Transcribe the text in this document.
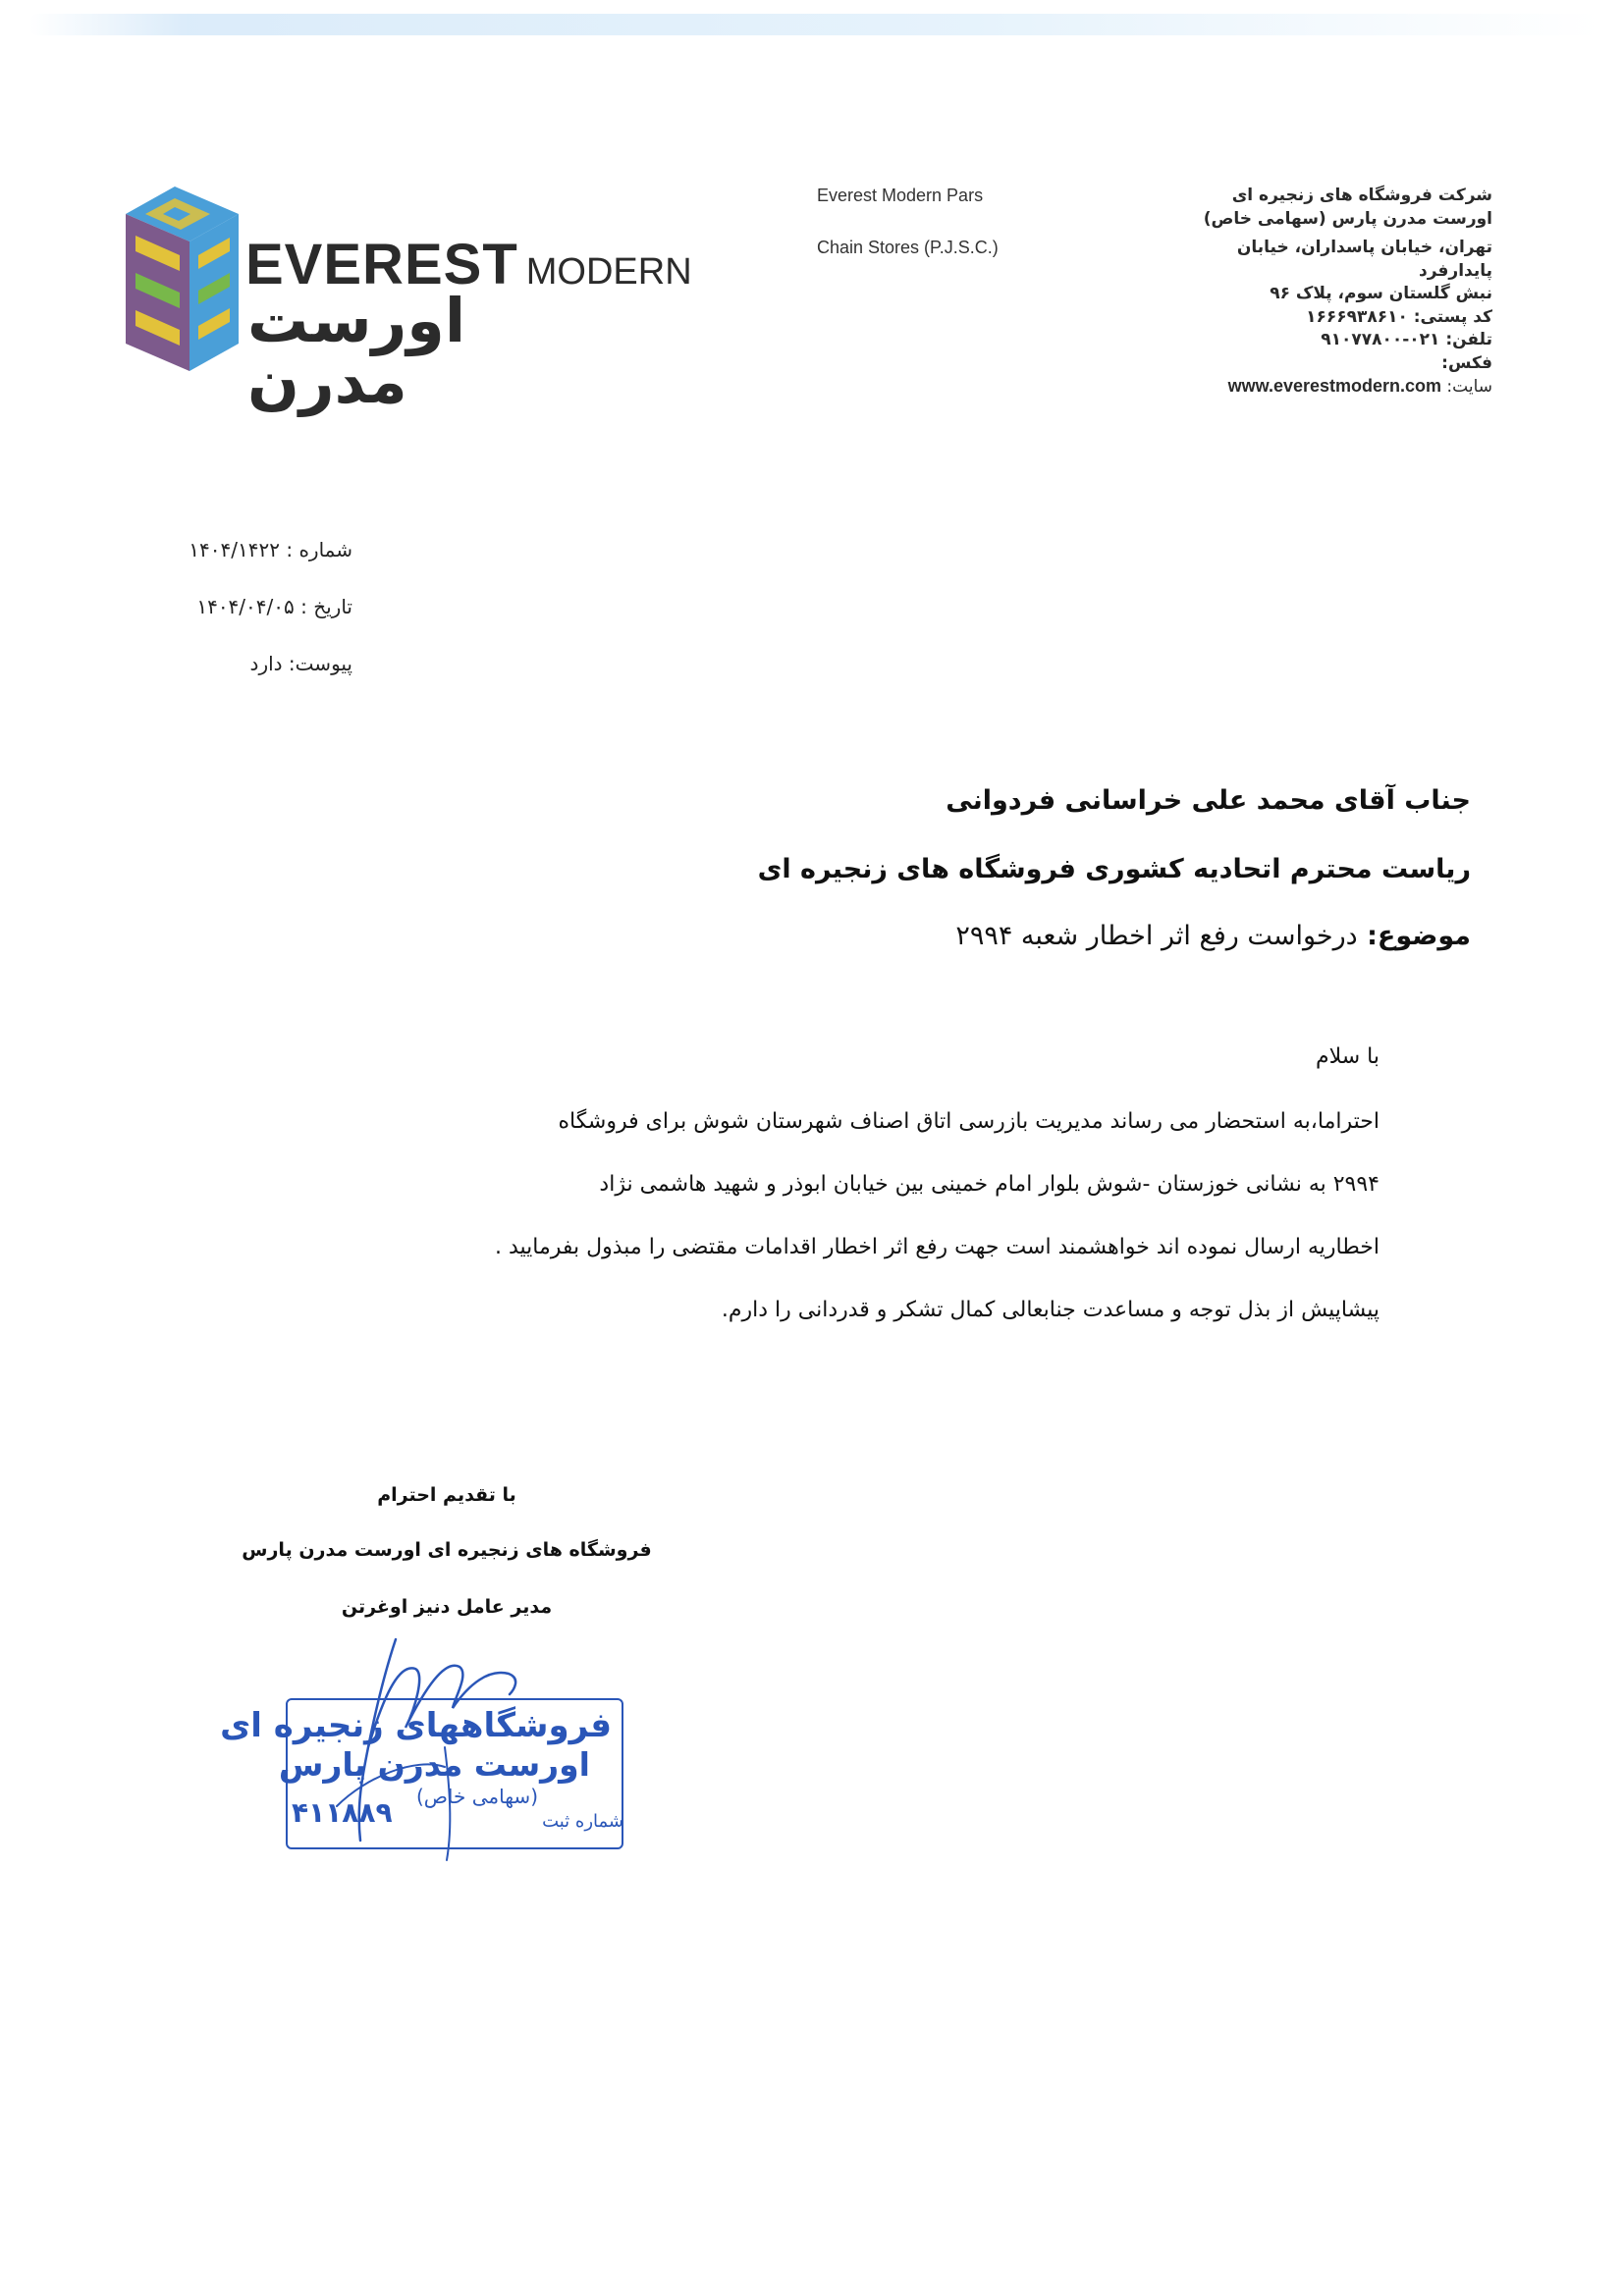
EVEREST MODERN
اورست مدرن
Everest Modern Pars
Chain Stores (P.J.S.C.)
شرکت فروشگاه های زنجیره ای
اورست مدرن پارس (سهامی خاص)
تهران، خیابان پاسداران، خیابان پایدارفرد
نبش گلستان سوم، پلاک ۹۶
کد پستی: ۱۶۶۶۹۳۸۶۱۰
تلفن: ۰۲۱-۹۱۰۷۷۸۰۰
فکس:
سایت: www.everestmodern.com
شماره : ۱۴۰۴/۱۴۲۲
تاریخ : ۱۴۰۴/۰۴/۰۵
پیوست: دارد
جناب آقای محمد علی خراسانی فردوانی
ریاست محترم اتحادیه کشوری فروشگاه های زنجیره ای
موضوع: درخواست رفع اثر اخطار شعبه ۲۹۹۴
با سلام
احتراما،به استحضار می رساند مدیریت بازرسی اتاق اصناف شهرستان شوش برای فروشگاه
۲۹۹۴ به نشانی خوزستان -شوش بلوار امام خمینی بین خیابان ابوذر و شهید هاشمی نژاد
اخطاریه ارسال نموده اند خواهشمند است جهت رفع اثر اخطار اقدامات مقتضی را مبذول بفرمایید .
پیشاپیش از بذل توجه و مساعدت جنابعالی کمال تشکر و قدردانی را دارم.
با تقدیم احترام
فروشگاه های زنجیره ای اورست مدرن پارس
مدیر عامل دنیز اوغرتن
فروشگاههای زنجیره ای
اورست مدرن پارس
(سهامی خاص)
شماره ثبت
۴۱۱۸۸۹
